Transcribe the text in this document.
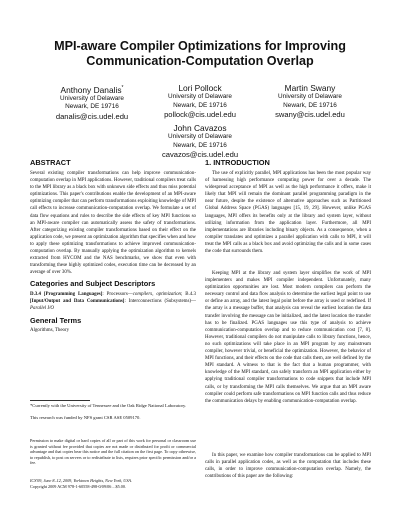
MPI-aware Compiler Optimizations for Improving
Communication-Computation Overlap
Anthony Danalis*
University of Delaware
Newark, DE 19716
danalis@cis.udel.edu
Lori Pollock
University of Delaware
Newark, DE 19716
pollock@cis.udel.edu
Martin Swany
University of Delaware
Newark, DE 19716
swany@cis.udel.edu
John Cavazos
University of Delaware
Newark, DE 19716
cavazos@cis.udel.edu
ABSTRACT
Several existing compiler transformations can help improve communication-computation overlap in MPI applications. However, traditional compilers treat calls to the MPI library as a black box with unknown side effects and thus miss potential optimizations. This paper's contributions enable the development of an MPI-aware optimizing compiler that can perform transformations exploiting knowledge of MPI call effects to increase communication-computation overlap. We formulate a set of data flow equations and rules to describe the side effects of key MPI functions so an MPI-aware compiler can automatically assess the safety of transformations. After categorizing existing compiler transformations based on their effect on the application code, we present an optimization algorithm that specifies when and how to apply these optimizing transformations to achieve improved communication-computation overlap. By manually applying the optimization algorithm to kernels extracted from HYCOM and the NAS benchmarks, we show that even with transforming these highly optimized codes, execution time can be decreased by an average of over 30%.
Categories and Subject Descriptors
D.3.4 [Programming Languages]: Processors—compilers, optimization; B.4.3 [Input/Output and Data Communications]: Interconnections (Subsystems)—Parallel I/O
General Terms
Algorithms, Theory
*Currently with the University of Tennessee and the Oak Ridge National Laboratory.
This research was funded by NFS grant CSR ASE 0509170.
Permission to make digital or hard copies of all or part of this work for personal or classroom use is granted without fee provided that copies are not made or distributed for profit or commercial advantage and that copies bear this notice and the full citation on the first page. To copy otherwise, to republish, to post on servers or to redistribute to lists, requires prior specific permission and/or a fee.
ICS'09, June 8–12, 2009, Yorktown Heights, New York, USA.
Copyright 2009 ACM 978-1-60558-498-0/09/06 ...$5.00.
1. INTRODUCTION
The use of explicitly parallel, MPI applications has been the most popular way of harnessing high performance computing power for over a decade. The widespread acceptance of MPI as well as the high performance it offers, make it likely that MPI will remain the dominant parallel programming paradigm in the near future, despite the existence of alternative approaches such as Partitioned Global Address Space (PGAS) languages [15, 19, 29]. However, unlike PGAS languages, MPI offers its benefits only at the library and system layer, without utilizing information from the application layer. Furthermore, all MPI implementations are libraries including binary objects. As a consequence, when a compiler translates and optimizes a parallel application with calls to MPI, it will treat the MPI calls as a black box and avoid optimizing the calls and in some cases the code that surrounds them.
Keeping MPI at the library and system layer simplifies the work of MPI implementers and makes MPI compiler independent. Unfortunately, many optimization opportunities are lost. Most modern compilers can perform the necessary control and data flow analysis to determine the earliest legal point to use or define an array, and the latest legal point before the array is used or redefined. If the array is a message buffer, that analysis can reveal the earliest location the data transfer involving the message can be initialized, and the latest location the transfer has to be finalized. PGAS languages use this type of analysis to achieve communication-computation overlap and to reduce communication cost [7, 8]. However, traditional compilers do not manipulate calls to library functions, hence, no such optimizations will take place in an MPI program by any mainstream compiler, however trivial, or beneficial the optimization. However, the behavior of MPI functions, and their effects on the code that calls them, are well defined by the MPI standard. A witness to that is the fact that a human programmer, with knowledge of the MPI standard, can safely transform an MPI application either by applying traditional compiler transformations to code snippets that include MPI calls, or by transforming the MPI calls themselves. We argue that an MPI aware compiler could perform safe transformations on MPI function calls and thus reduce the communication delays by enabling communication-computation overlap.
In this paper, we examine how compiler transformations can be applied to MPI calls in parallel application codes, as well as the computation that includes these calls, in order to improve communication-computation overlap. Namely, the contributions of this paper are the following:
